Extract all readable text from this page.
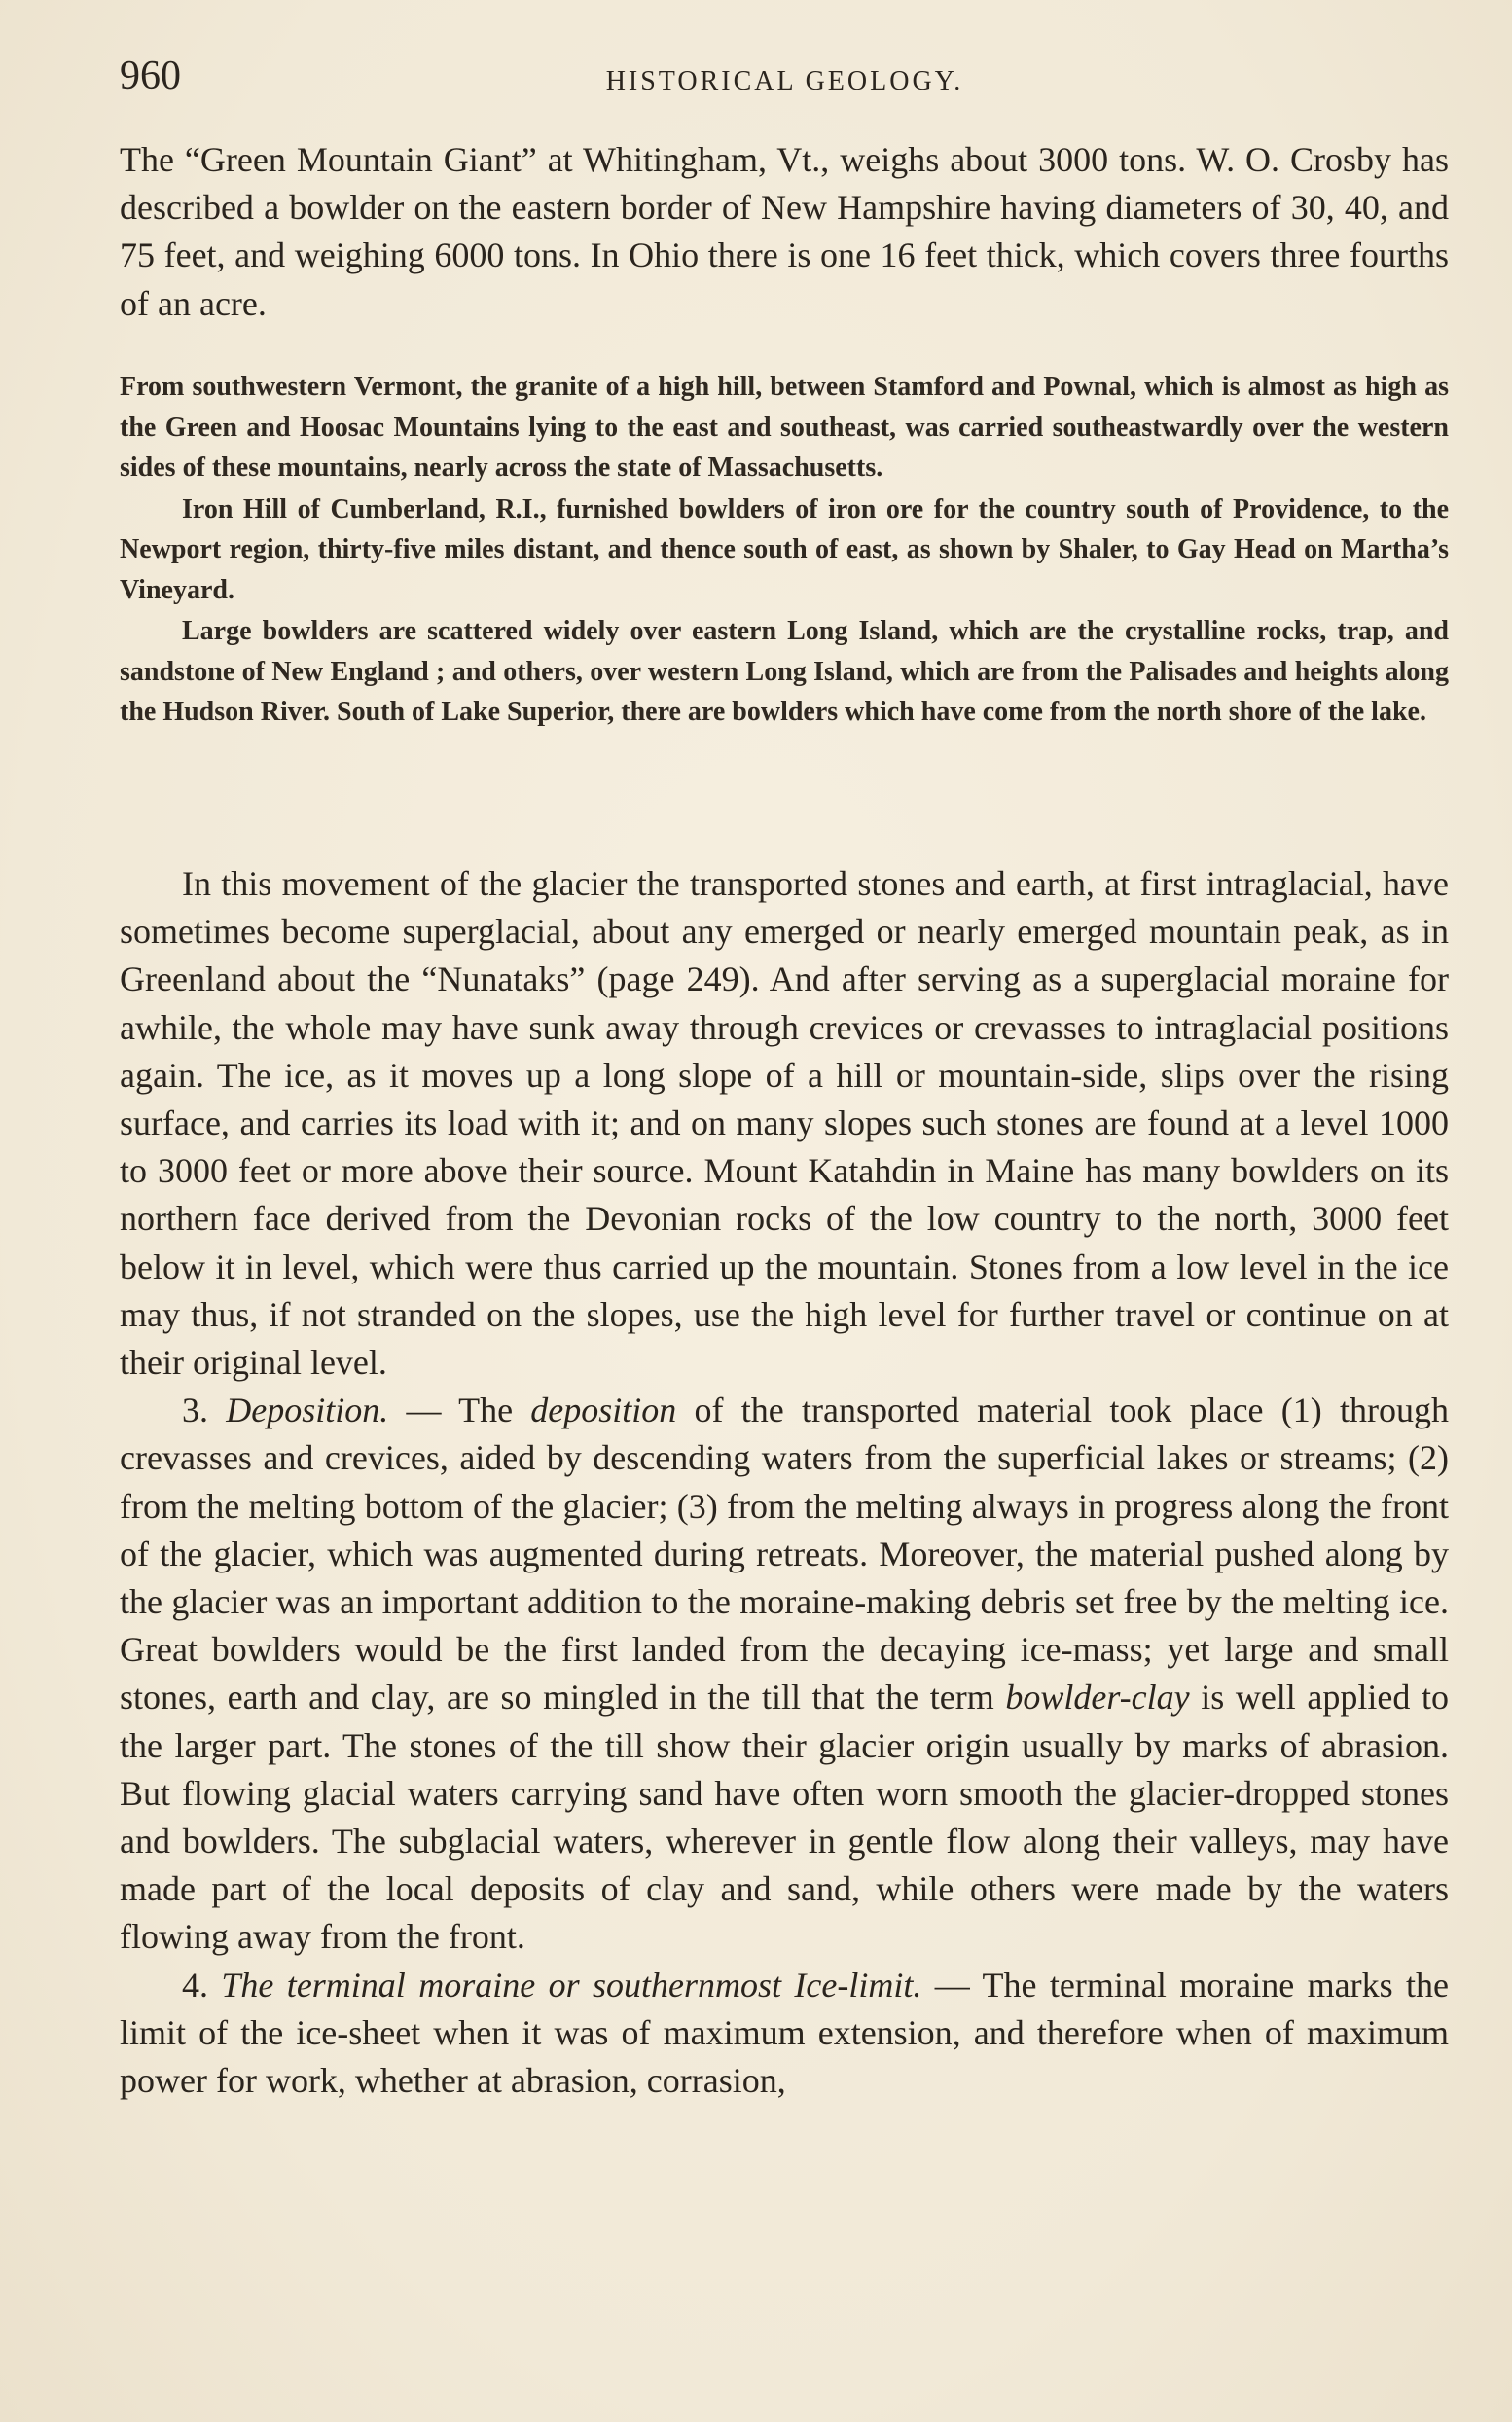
960	HISTORICAL GEOLOGY.

The “Green Mountain Giant” at Whitingham, Vt., weighs about 3000 tons. W. O. Crosby has described a bowlder on the eastern border of New Hampshire having diameters of 30, 40, and 75 feet, and weighing 6000 tons. In Ohio there is one 16 feet thick, which covers three fourths of an acre.

From southwestern Vermont, the granite of a high hill, between Stamford and Pownal, which is almost as high as the Green and Hoosac Mountains lying to the east and southeast, was carried southeastwardly over the western sides of these mountains, nearly across the state of Massachusetts.

Iron Hill of Cumberland, R.I., furnished bowlders of iron ore for the country south of Providence, to the Newport region, thirty-five miles distant, and thence south of east, as shown by Shaler, to Gay Head on Martha’s Vineyard.

Large bowlders are scattered widely over eastern Long Island, which are the crystalline rocks, trap, and sandstone of New England ; and others, over western Long Island, which are from the Palisades and heights along the Hudson River. South of Lake Superior, there are bowlders which have come from the north shore of the lake.

In this movement of the glacier the transported stones and earth, at first intraglacial, have sometimes become superglacial, about any emerged or nearly emerged mountain peak, as in Greenland about the “Nunataks” (page 249). And after serving as a superglacial moraine for awhile, the whole may have sunk away through crevices or crevasses to intraglacial positions again. The ice, as it moves up a long slope of a hill or mountain-side, slips over the rising surface, and carries its load with it; and on many slopes such stones are found at a level 1000 to 3000 feet or more above their source. Mount Katahdin in Maine has many bowlders on its northern face derived from the Devonian rocks of the low country to the north, 3000 feet below it in level, which were thus carried up the mountain. Stones from a low level in the ice may thus, if not stranded on the slopes, use the high level for further travel or continue on at their original level.

3. Deposition. — The deposition of the transported material took place (1) through crevasses and crevices, aided by descending waters from the superficial lakes or streams; (2) from the melting bottom of the glacier; (3) from the melting always in progress along the front of the glacier, which was augmented during retreats. Moreover, the material pushed along by the glacier was an important addition to the moraine-making debris set free by the melting ice. Great bowlders would be the first landed from the decaying ice-mass; yet large and small stones, earth and clay, are so mingled in the till that the term bowlder-clay is well applied to the larger part. The stones of the till show their glacier origin usually by marks of abrasion. But flowing glacial waters carrying sand have often worn smooth the glacier-dropped stones and bowlders. The subglacial waters, wherever in gentle flow along their valleys, may have made part of the local deposits of clay and sand, while others were made by the waters flowing away from the front.

4. The terminal moraine or southernmost Ice-limit. — The terminal moraine marks the limit of the ice-sheet when it was of maximum extension, and therefore when of maximum power for work, whether at abrasion, corrasion,
